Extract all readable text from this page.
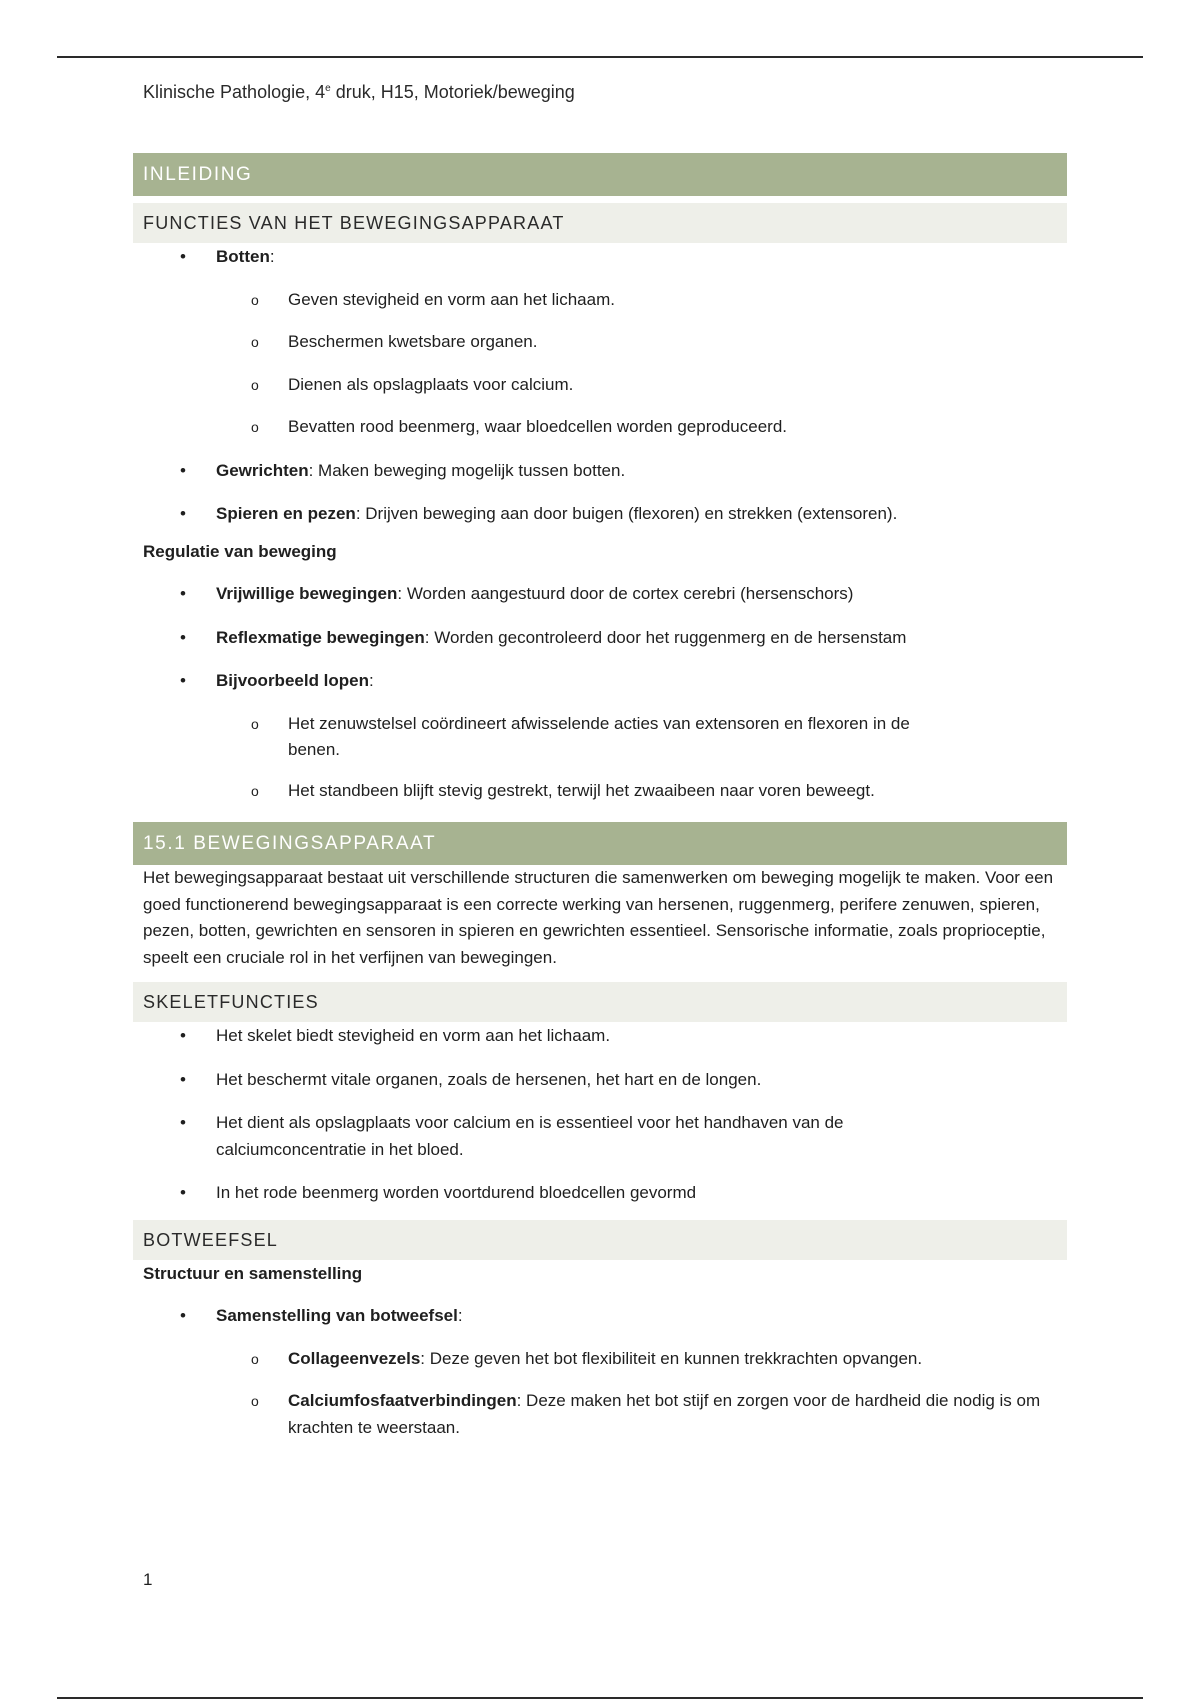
Klinische Pathologie, 4e druk, H15, Motoriek/beweging
INLEIDING
FUNCTIES VAN HET BEWEGINGSAPPARAAT
• Botten:
o Geven stevigheid en vorm aan het lichaam.
o Beschermen kwetsbare organen.
o Dienen als opslagplaats voor calcium.
o Bevatten rood beenmerg, waar bloedcellen worden geproduceerd.
• Gewrichten: Maken beweging mogelijk tussen botten.
• Spieren en pezen: Drijven beweging aan door buigen (flexoren) en strekken (extensoren).
Regulatie van beweging
• Vrijwillige bewegingen: Worden aangestuurd door de cortex cerebri (hersenschors)
• Reflexmatige bewegingen: Worden gecontroleerd door het ruggenmerg en de hersenstam
• Bijvoorbeeld lopen:
o Het zenuwstelsel coördineert afwisselende acties van extensoren en flexoren in de benen.
o Het standbeen blijft stevig gestrekt, terwijl het zwaaibeen naar voren beweegt.
15.1 BEWEGINGSAPPARAAT
Het bewegingsapparaat bestaat uit verschillende structuren die samenwerken om beweging mogelijk te maken. Voor een goed functionerend bewegingsapparaat is een correcte werking van hersenen, ruggenmerg, perifere zenuwen, spieren, pezen, botten, gewrichten en sensoren in spieren en gewrichten essentieel. Sensorische informatie, zoals proprioceptie, speelt een cruciale rol in het verfijnen van bewegingen.
SKELETFUNCTIES
• Het skelet biedt stevigheid en vorm aan het lichaam.
• Het beschermt vitale organen, zoals de hersenen, het hart en de longen.
• Het dient als opslagplaats voor calcium en is essentieel voor het handhaven van de calciumconcentratie in het bloed.
• In het rode beenmerg worden voortdurend bloedcellen gevormd
BOTWEEFSEL
Structuur en samenstelling
• Samenstelling van botweefsel:
o Collageenvezels: Deze geven het bot flexibiliteit en kunnen trekkrachten opvangen.
o Calciumfosfaatverbindingen: Deze maken het bot stijf en zorgen voor de hardheid die nodig is om krachten te weerstaan.
1
